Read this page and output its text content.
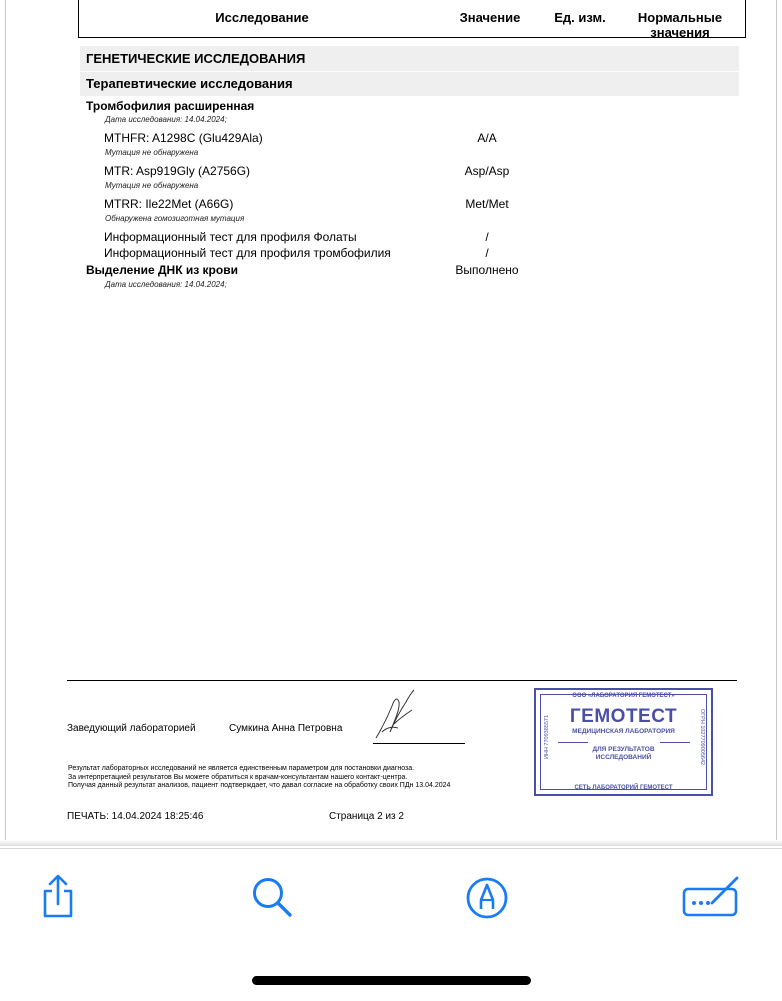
Исследование	Значение	Ед. изм.	Нормальные
значения
ГЕНЕТИЧЕСКИЕ ИССЛЕДОВАНИЯ
Терапевтические исследования
Тромбофилия расширенная
Дата исследования: 14.04.2024;
MTHFR: A1298C (Glu429Ala)	A/A
Мутация не обнаружена
MTR: Asp919Gly (A2756G)	Asp/Asp
Мутация не обнаружена
MTRR: Ile22Met (A66G)	Met/Met
Обнаружена гомозиготная мутация
Информационный тест для профиля Фолаты	/
Информационный тест для профиля тромбофилия	/
Выделение ДНК из крови	Выполнено
Дата исследования: 14.04.2024;
Заведующий лабораторией	Сумкина Анна Петровна
ООО «ЛАБОРАТОРИЯ ГЕМОТЕСТ»
ГЕМОТЕСТ
МЕДИЦИНСКАЯ ЛАБОРАТОРИЯ
ДЛЯ РЕЗУЛЬТАТОВ ИССЛЕДОВАНИЙ
СЕТЬ ЛАБОРАТОРИЙ ГЕМОТЕСТ
ИНН 7709385571	ОГРН 1027709005642
Результат лабораторных исследований не является единственным параметром для постановки диагноза.
За интерпретацией результатов Вы можете обратиться к врачам-консультантам нашего контакт-центра.
Получая данный результат анализов, пациент подтверждает, что давал согласие на обработку своих ПДн 13.04.2024
ПЕЧАТЬ: 14.04.2024 18:25:46	Страница 2 из 2
